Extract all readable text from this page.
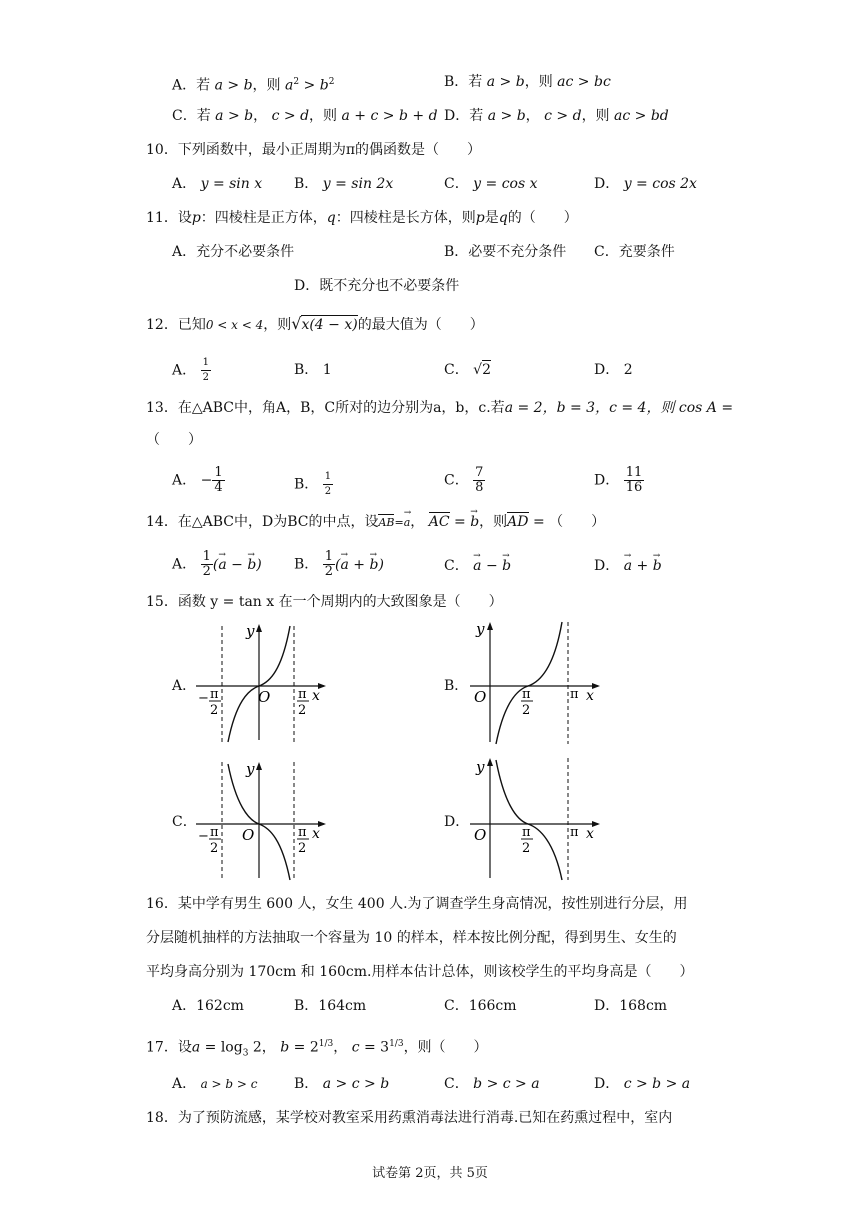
A．若 a > b，则 $a^2 > b^2$	B．若 a > b，则 ac > bc
C．若 a > b， c > d，则 a + c > b + d D．若 a > b， c > d，则 ac > bd
10．下列函数中，最小正周期为π的偶函数是（　　）
A． y = sin x B． y = sin 2x	C． y = cos x	D． y = cos 2x
11．设p：四棱柱是正方体，q：四棱柱是长方体，则p是q的（　　）
A．充分不必要条件	B．必要不充分条件 C．充要条件
D．既不充分也不必要条件
12．已知0 < x < 4，则√x(4 − x)的最大值为（　　）
A． $\frac{1}{2}$	B． 1	C． √2	D． 2
13．在△ABC中，角A，B，C所对的边分别为a，b，c.若a = 2，b = 3，c = 4，则 cos A =
（　　）
A． − $\frac{1}{4}$	B． $\frac{1}{2}$	C． $\frac{7}{8}$	D． $\frac{11}{16}$
14．在△ABC中，D为BC的中点，设AB=→ a， AC = → b，则AD = （　　）
A． $\frac{1}{2}$ (→ a − → b) B． $\frac{1}{2}$ (→ a + → b)	C． → a − → b	D． → a + → b
15．函数 y = tan x 在一个周期内的大致图象是（　　）
A．
y
O	x
− π
2
π
2
B．
y
O	π
2
π x
C．
y
O	x
− π
2
π
2
D．
y
O	π
2
π x
16．某中学有男生 600 人，女生 400 人.为了调查学生身高情况，按性别进行分层，用
分层随机抽样的方法抽取一个容量为 10 的样本，样本按比例分配，得到男生、女生的
平均身高分别为 170cm 和 160cm.用样本估计总体，则该校学生的平均身高是（　　）
A．162cm	B．164cm	C．166cm	D．168cm
17．设$a = \log_3 2$， $b = 2^{1/3}$， $c = 3^{1/3}$，则（　　）
A． a > b > c	B． a > c > b	C． b > c > a	D． c > b > a
18．为了预防流感，某学校对教室采用药熏消毒法进行消毒.已知在药熏过程中，室内
试卷第 2页，共 5页
